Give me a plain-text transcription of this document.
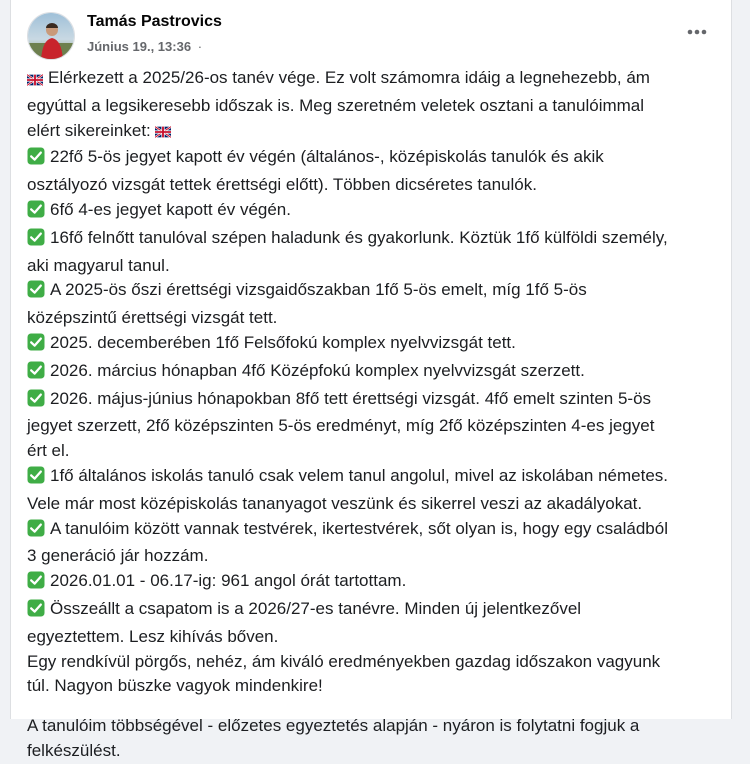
Tamás Pastrovics
Június 19., 13:36 ·
Elérkezett a 2025/26-os tanév vége. Ez volt számomra idáig a legnehezebb, ám
egyúttal a legsikeresebb időszak is. Meg szeretném veletek osztani a tanulóimmal
elért sikereinket:
22fő 5-ös jegyet kapott év végén (általános-, középiskolás tanulók és akik
osztályozó vizsgát tettek érettségi előtt). Többen dicséretes tanulók.
6fő 4-es jegyet kapott év végén.
16fő felnőtt tanulóval szépen haladunk és gyakorlunk. Köztük 1fő külföldi személy,
aki magyarul tanul.
A 2025-ös őszi érettségi vizsgaidőszakban 1fő 5-ös emelt, míg 1fő 5-ös
középszintű érettségi vizsgát tett.
2025. decemberében 1fő Felsőfokú komplex nyelvvizsgát tett.
2026. március hónapban 4fő Középfokú komplex nyelvvizsgát szerzett.
2026. május-június hónapokban 8fő tett érettségi vizsgát. 4fő emelt szinten 5-ös
jegyet szerzett, 2fő középszinten 5-ös eredményt, míg 2fő középszinten 4-es jegyet
ért el.
1fő általános iskolás tanuló csak velem tanul angolul, mivel az iskolában németes.
Vele már most középiskolás tananyagot veszünk és sikerrel veszi az akadályokat.
A tanulóim között vannak testvérek, ikertestvérek, sőt olyan is, hogy egy családból
3 generáció jár hozzám.
2026.01.01 - 06.17-ig: 961 angol órát tartottam.
Összeállt a csapatom is a 2026/27-es tanévre. Minden új jelentkezővel
egyeztettem. Lesz kihívás bőven.
Egy rendkívül pörgős, nehéz, ám kiváló eredményekben gazdag időszakon vagyunk
túl. Nagyon büszke vagyok mindenkire!
A tanulóim többségével - előzetes egyeztetés alapján - nyáron is folytatni fogjuk a
felkészülést.
